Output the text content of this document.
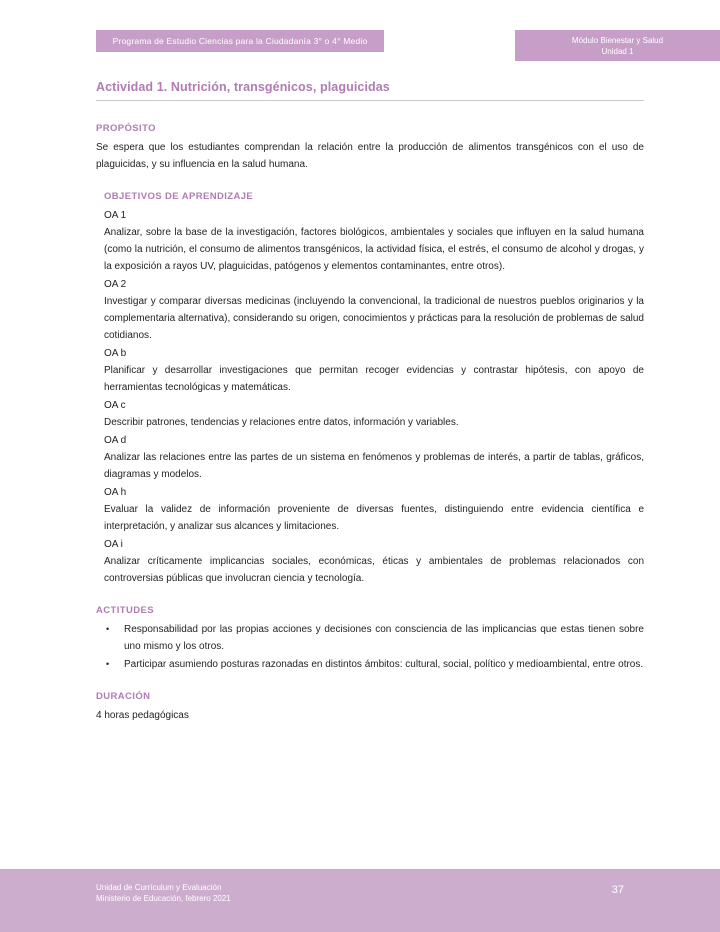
Programa de Estudio Ciencias para la Ciudadanía 3° o 4° Medio	Módulo Bienestar y Salud
Unidad 1
Actividad 1. Nutrición, transgénicos, plaguicidas
PROPÓSITO

Se espera que los estudiantes comprendan la relación entre la producción de alimentos transgénicos con el uso de plaguicidas, y su influencia en la salud humana.

OBJETIVOS DE APRENDIZAJE

OA 1

Analizar, sobre la base de la investigación, factores biológicos, ambientales y sociales que influyen en la salud humana (como la nutrición, el consumo de alimentos transgénicos, la actividad física, el estrés, el consumo de alcohol y drogas, y la exposición a rayos UV, plaguicidas, patógenos y elementos contaminantes, entre otros).

OA 2

Investigar y comparar diversas medicinas (incluyendo la convencional, la tradicional de nuestros pueblos originarios y la complementaria alternativa), considerando su origen, conocimientos y prácticas para la resolución de problemas de salud cotidianos.

OA b

Planificar y desarrollar investigaciones que permitan recoger evidencias y contrastar hipótesis, con apoyo de herramientas tecnológicas y matemáticas.

OA c

Describir patrones, tendencias y relaciones entre datos, información y variables.

OA d

Analizar las relaciones entre las partes de un sistema en fenómenos y problemas de interés, a partir de tablas, gráficos, diagramas y modelos.

OA h

Evaluar la validez de información proveniente de diversas fuentes, distinguiendo entre evidencia científica e interpretación, y analizar sus alcances y limitaciones.

OA i

Analizar críticamente implicancias sociales, económicas, éticas y ambientales de problemas relacionados con controversias públicas que involucran ciencia y tecnología.

ACTITUDES
• Responsabilidad por las propias acciones y decisiones con consciencia de las implicancias que estas tienen sobre uno mismo y los otros.
• Participar asumiendo posturas razonadas en distintos ámbitos: cultural, social, político y medioambiental, entre otros.
DURACIÓN

4 horas pedagógicas

Unidad de Currículum y Evaluación
Ministerio de Educación, febrero 2021
37
